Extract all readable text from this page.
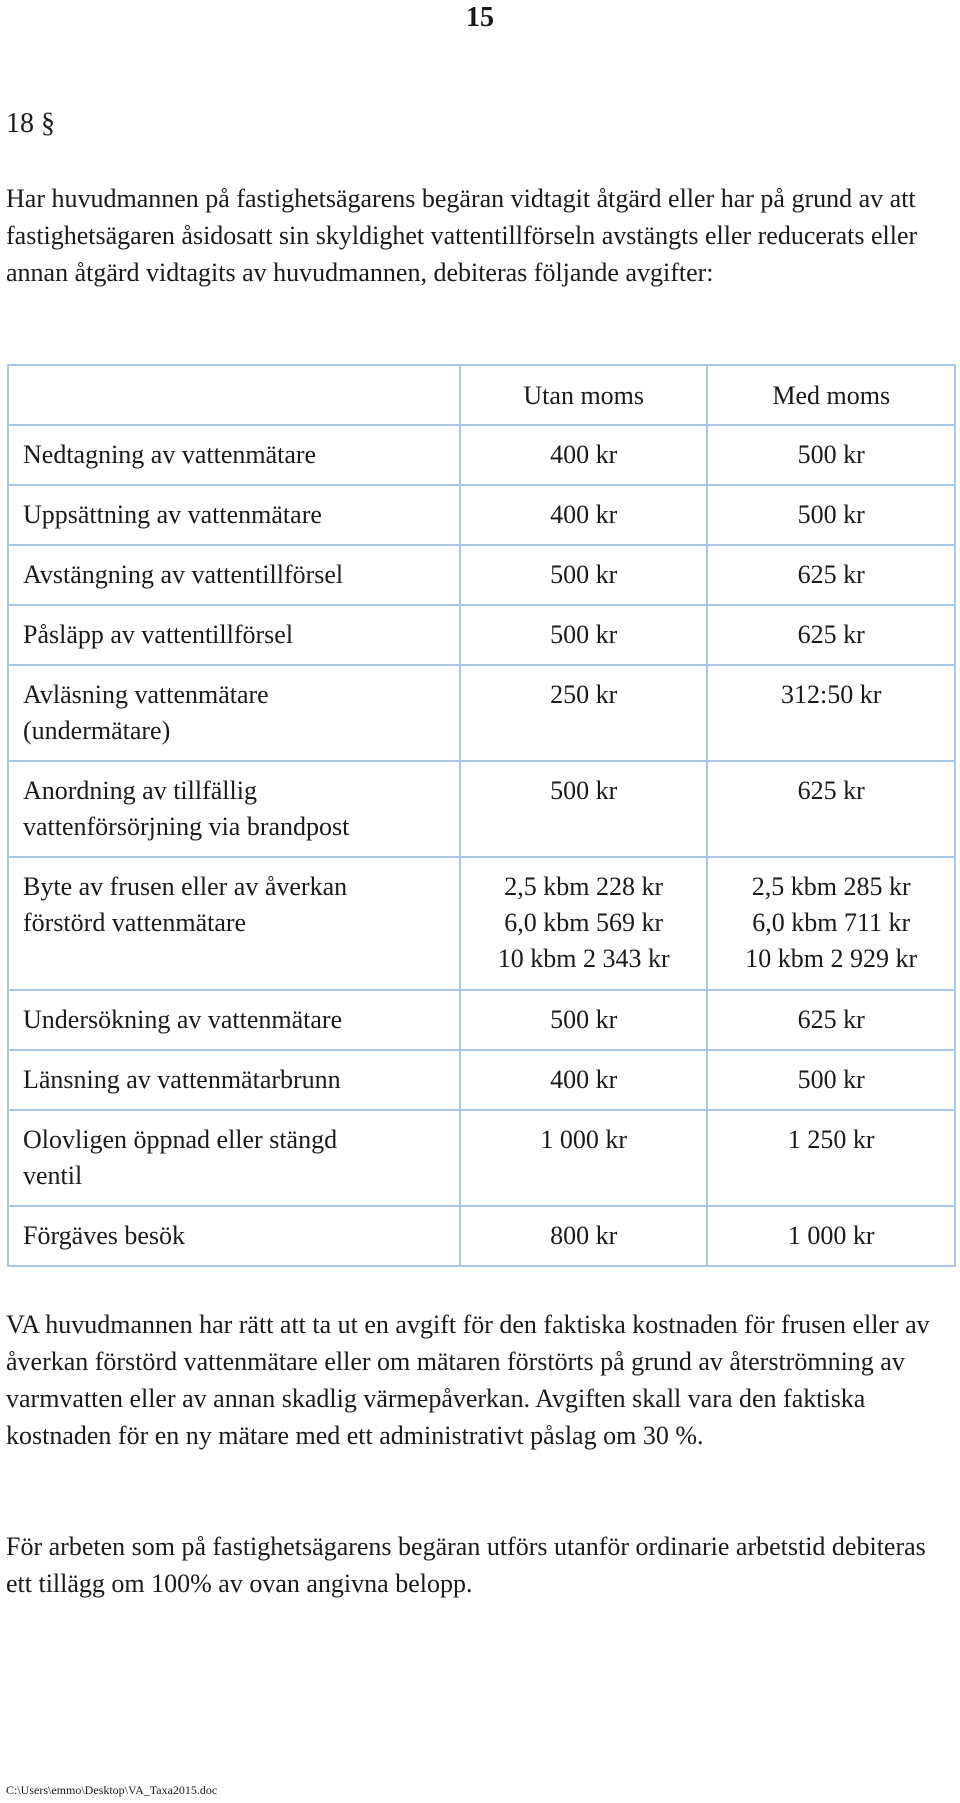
15
18 §

Har huvudmannen på fastighetsägarens begäran vidtagit åtgärd eller har på grund av att fastighetsägaren åsidosatt sin skyldighet vattentillförseln avstängts eller reducerats eller annan åtgärd vidtagits av huvudmannen, debiteras följande avgifter:

	Utan moms	Med moms

Nedtagning av vattenmätare	400 kr	500 kr

Uppsättning av vattenmätare	400 kr	500 kr

Avstängning av vattentillförsel	500 kr	625 kr

Påsläpp av vattentillförsel	500 kr	625 kr

Avläsning vattenmätare
(undermätare)	250 kr	312:50 kr

Anordning av tillfällig
vattenförsörjning via brandpost	500 kr	625 kr

Byte av frusen eller av åverkan
förstörd vattenmätare	2,5 kbm 228 kr
6,0 kbm 569 kr
10 kbm 2 343 kr	2,5 kbm 285 kr
6,0 kbm 711 kr
10 kbm 2 929 kr

Undersökning av vattenmätare	500 kr	625 kr

Länsning av vattenmätarbrunn	400 kr	500 kr

Olovligen öppnad eller stängd
ventil	1 000 kr	1 250 kr

Förgäves besök	800 kr	1 000 kr

VA huvudmannen har rätt att ta ut en avgift för den faktiska kostnaden för frusen eller av åverkan förstörd vattenmätare eller om mätaren förstörts på grund av återströmning av varmvatten eller av annan skadlig värmepåverkan. Avgiften skall vara den faktiska kostnaden för en ny mätare med ett administrativt påslag om 30 %.

För arbeten som på fastighetsägarens begäran utförs utanför ordinarie arbetstid debiteras ett tillägg om 100% av ovan angivna belopp.

C:\Users\emmo\Desktop\VA_Taxa2015.doc
